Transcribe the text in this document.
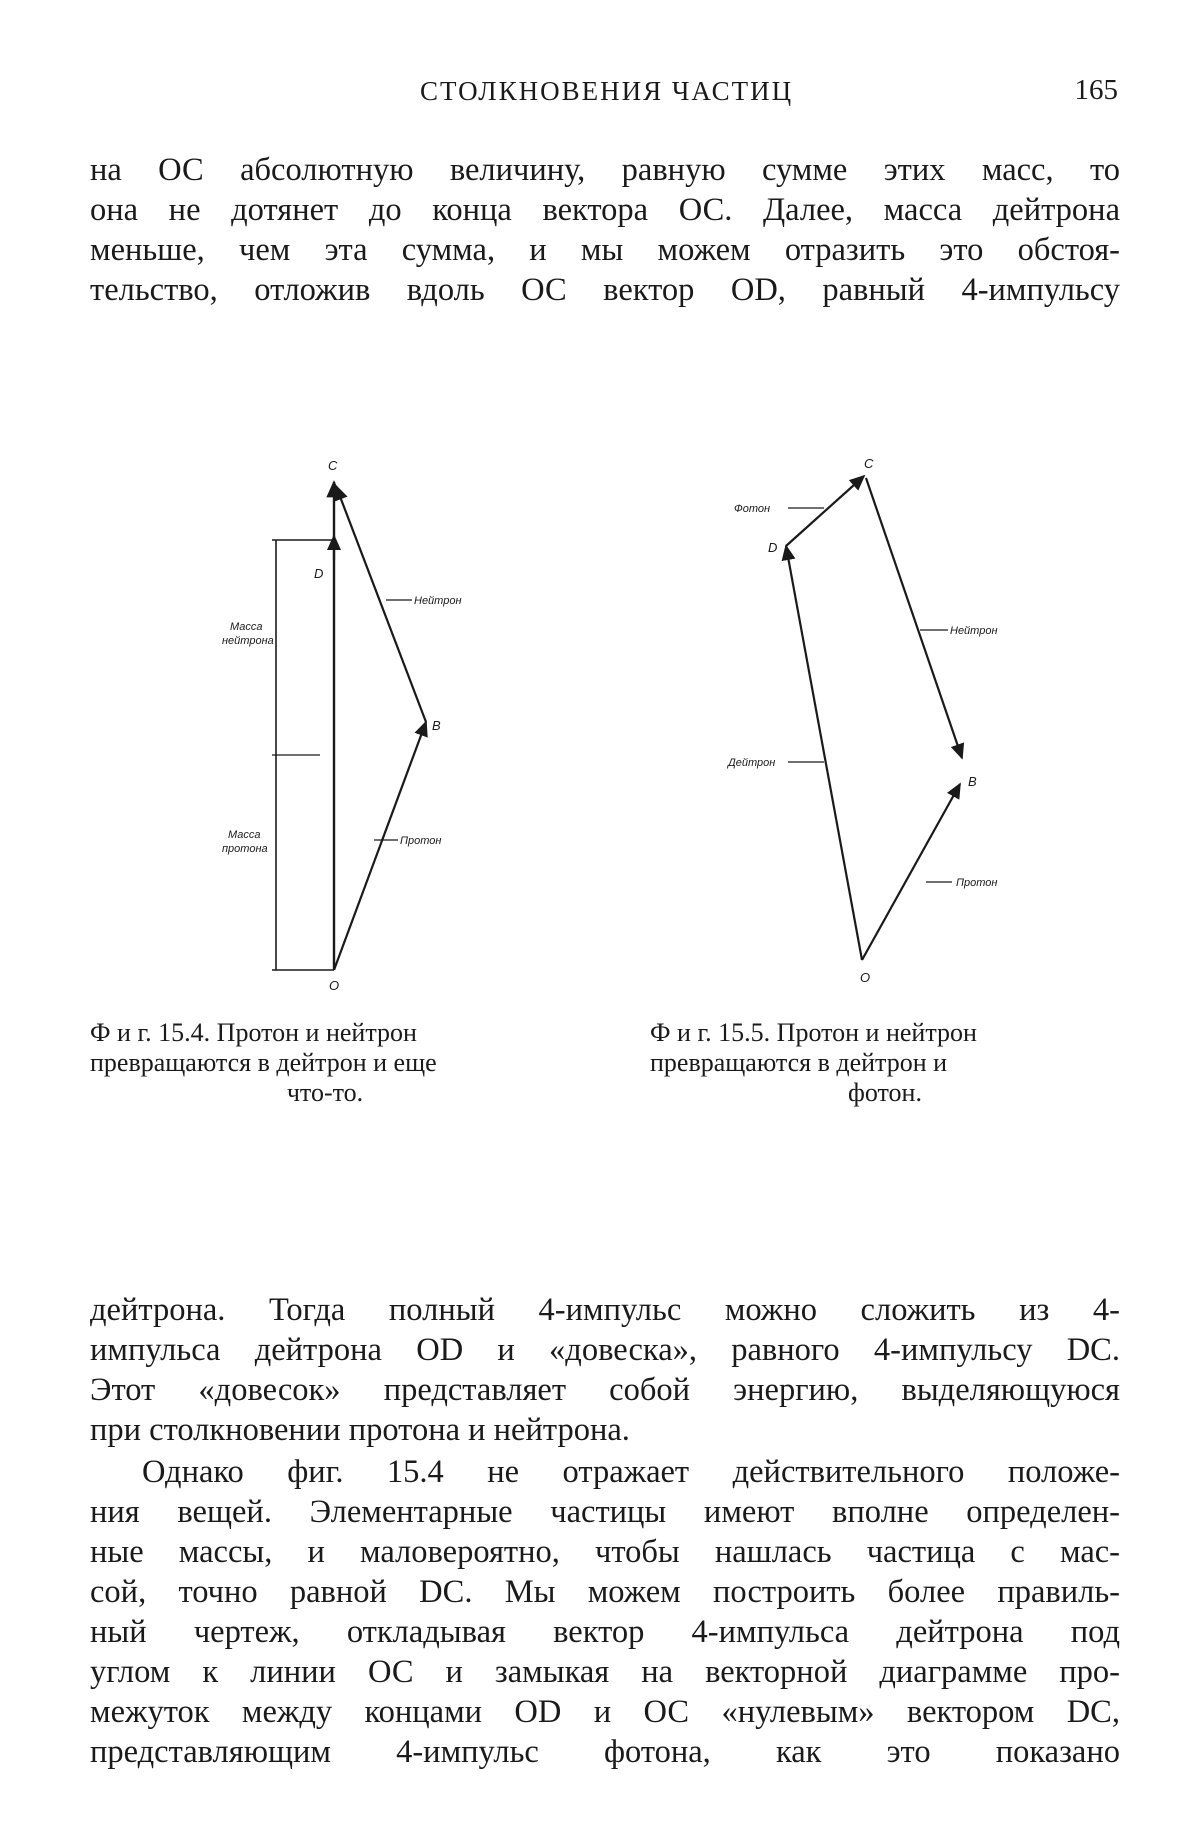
СТОЛКНОВЕНИЯ ЧАСТИЦ	165
на ОС абсолютную величину, равную сумме этих масс, то
она не дотянет до конца вектора ОС. Далее, масса дейтрона
меньше, чем эта сумма, и мы можем отразить это обстоя-
тельство, отложив вдоль ОС вектор OD, равный 4-импульсу
C
D
B
O
Нейтрон
Протон
Масса
нейтрона
Масса
протона
Ф и г. 15.4. Протон и нейтрон
превращаются в дейтрон и еще
что-то.
C
D
B
O
Фотон
Нейтрон
Дейтрон
Протон
Ф и г. 15.5. Протон и нейтрон
превращаются в дейтрон и
фотон.
дейтрона. Тогда полный 4-импульс можно сложить из 4-
импульса дейтрона OD и «довеска», равного 4-импульсу DC.
Этот «довесок» представляет собой энергию, выделяющуюся
при столкновении протона и нейтрона.
Однако фиг. 15.4 не отражает действительного положе-
ния вещей. Элементарные частицы имеют вполне определен-
ные массы, и маловероятно, чтобы нашлась частица с мас-
сой, точно равной DC. Мы можем построить более правиль-
ный чертеж, откладывая вектор 4-импульса дейтрона под
углом к линии ОС и замыкая на векторной диаграмме про-
межуток между концами OD и ОС «нулевым» вектором DC,
представляющим 4-импульс фотона, как это показано
